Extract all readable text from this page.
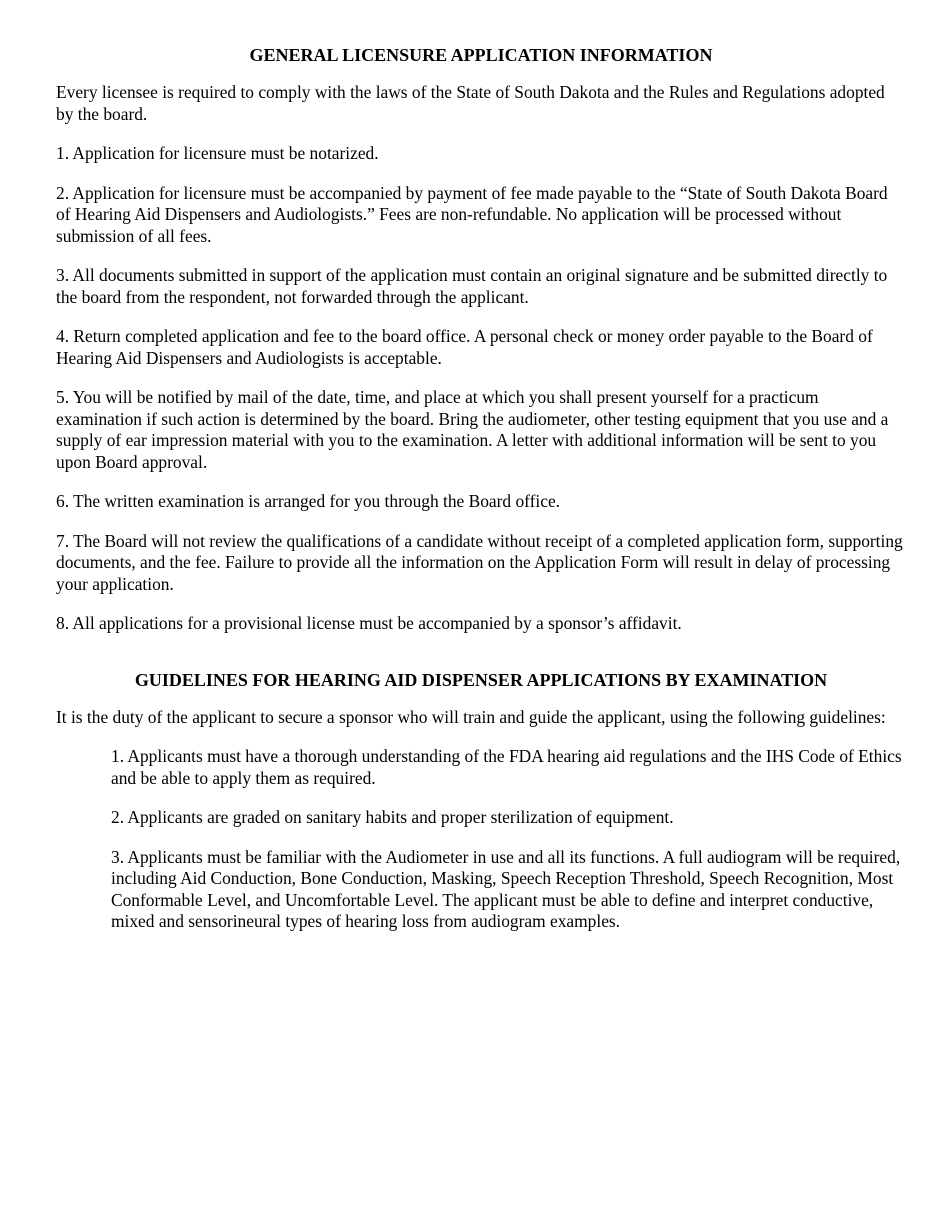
GENERAL LICENSURE APPLICATION INFORMATION

Every licensee is required to comply with the laws of the State of South Dakota and the Rules and Regulations adopted by the board.

1. Application for licensure must be notarized.

2. Application for licensure must be accompanied by payment of fee made payable to the “State of South Dakota Board of Hearing Aid Dispensers and Audiologists.” Fees are non-refundable. No application will be processed without submission of all fees.

3. All documents submitted in support of the application must contain an original signature and be submitted directly to the board from the respondent, not forwarded through the applicant.

4. Return completed application and fee to the board office. A personal check or money order payable to the Board of Hearing Aid Dispensers and Audiologists is acceptable.

5. You will be notified by mail of the date, time, and place at which you shall present yourself for a practicum examination if such action is determined by the board. Bring the audiometer, other testing equipment that you use and a supply of ear impression material with you to the examination. A letter with additional information will be sent to you upon Board approval.

6. The written examination is arranged for you through the Board office.

7. The Board will not review the qualifications of a candidate without receipt of a completed application form, supporting documents, and the fee. Failure to provide all the information on the Application Form will result in delay of processing your application.

8. All applications for a provisional license must be accompanied by a sponsor’s affidavit.

GUIDELINES FOR HEARING AID DISPENSER APPLICATIONS BY EXAMINATION

It is the duty of the applicant to secure a sponsor who will train and guide the applicant, using the following guidelines:

1. Applicants must have a thorough understanding of the FDA hearing aid regulations and the IHS Code of Ethics and be able to apply them as required.

2. Applicants are graded on sanitary habits and proper sterilization of equipment.

3. Applicants must be familiar with the Audiometer in use and all its functions. A full audiogram will be required, including Aid Conduction, Bone Conduction, Masking, Speech Reception Threshold, Speech Recognition, Most Conformable Level, and Uncomfortable Level. The applicant must be able to define and interpret conductive, mixed and sensorineural types of hearing loss from audiogram examples.
